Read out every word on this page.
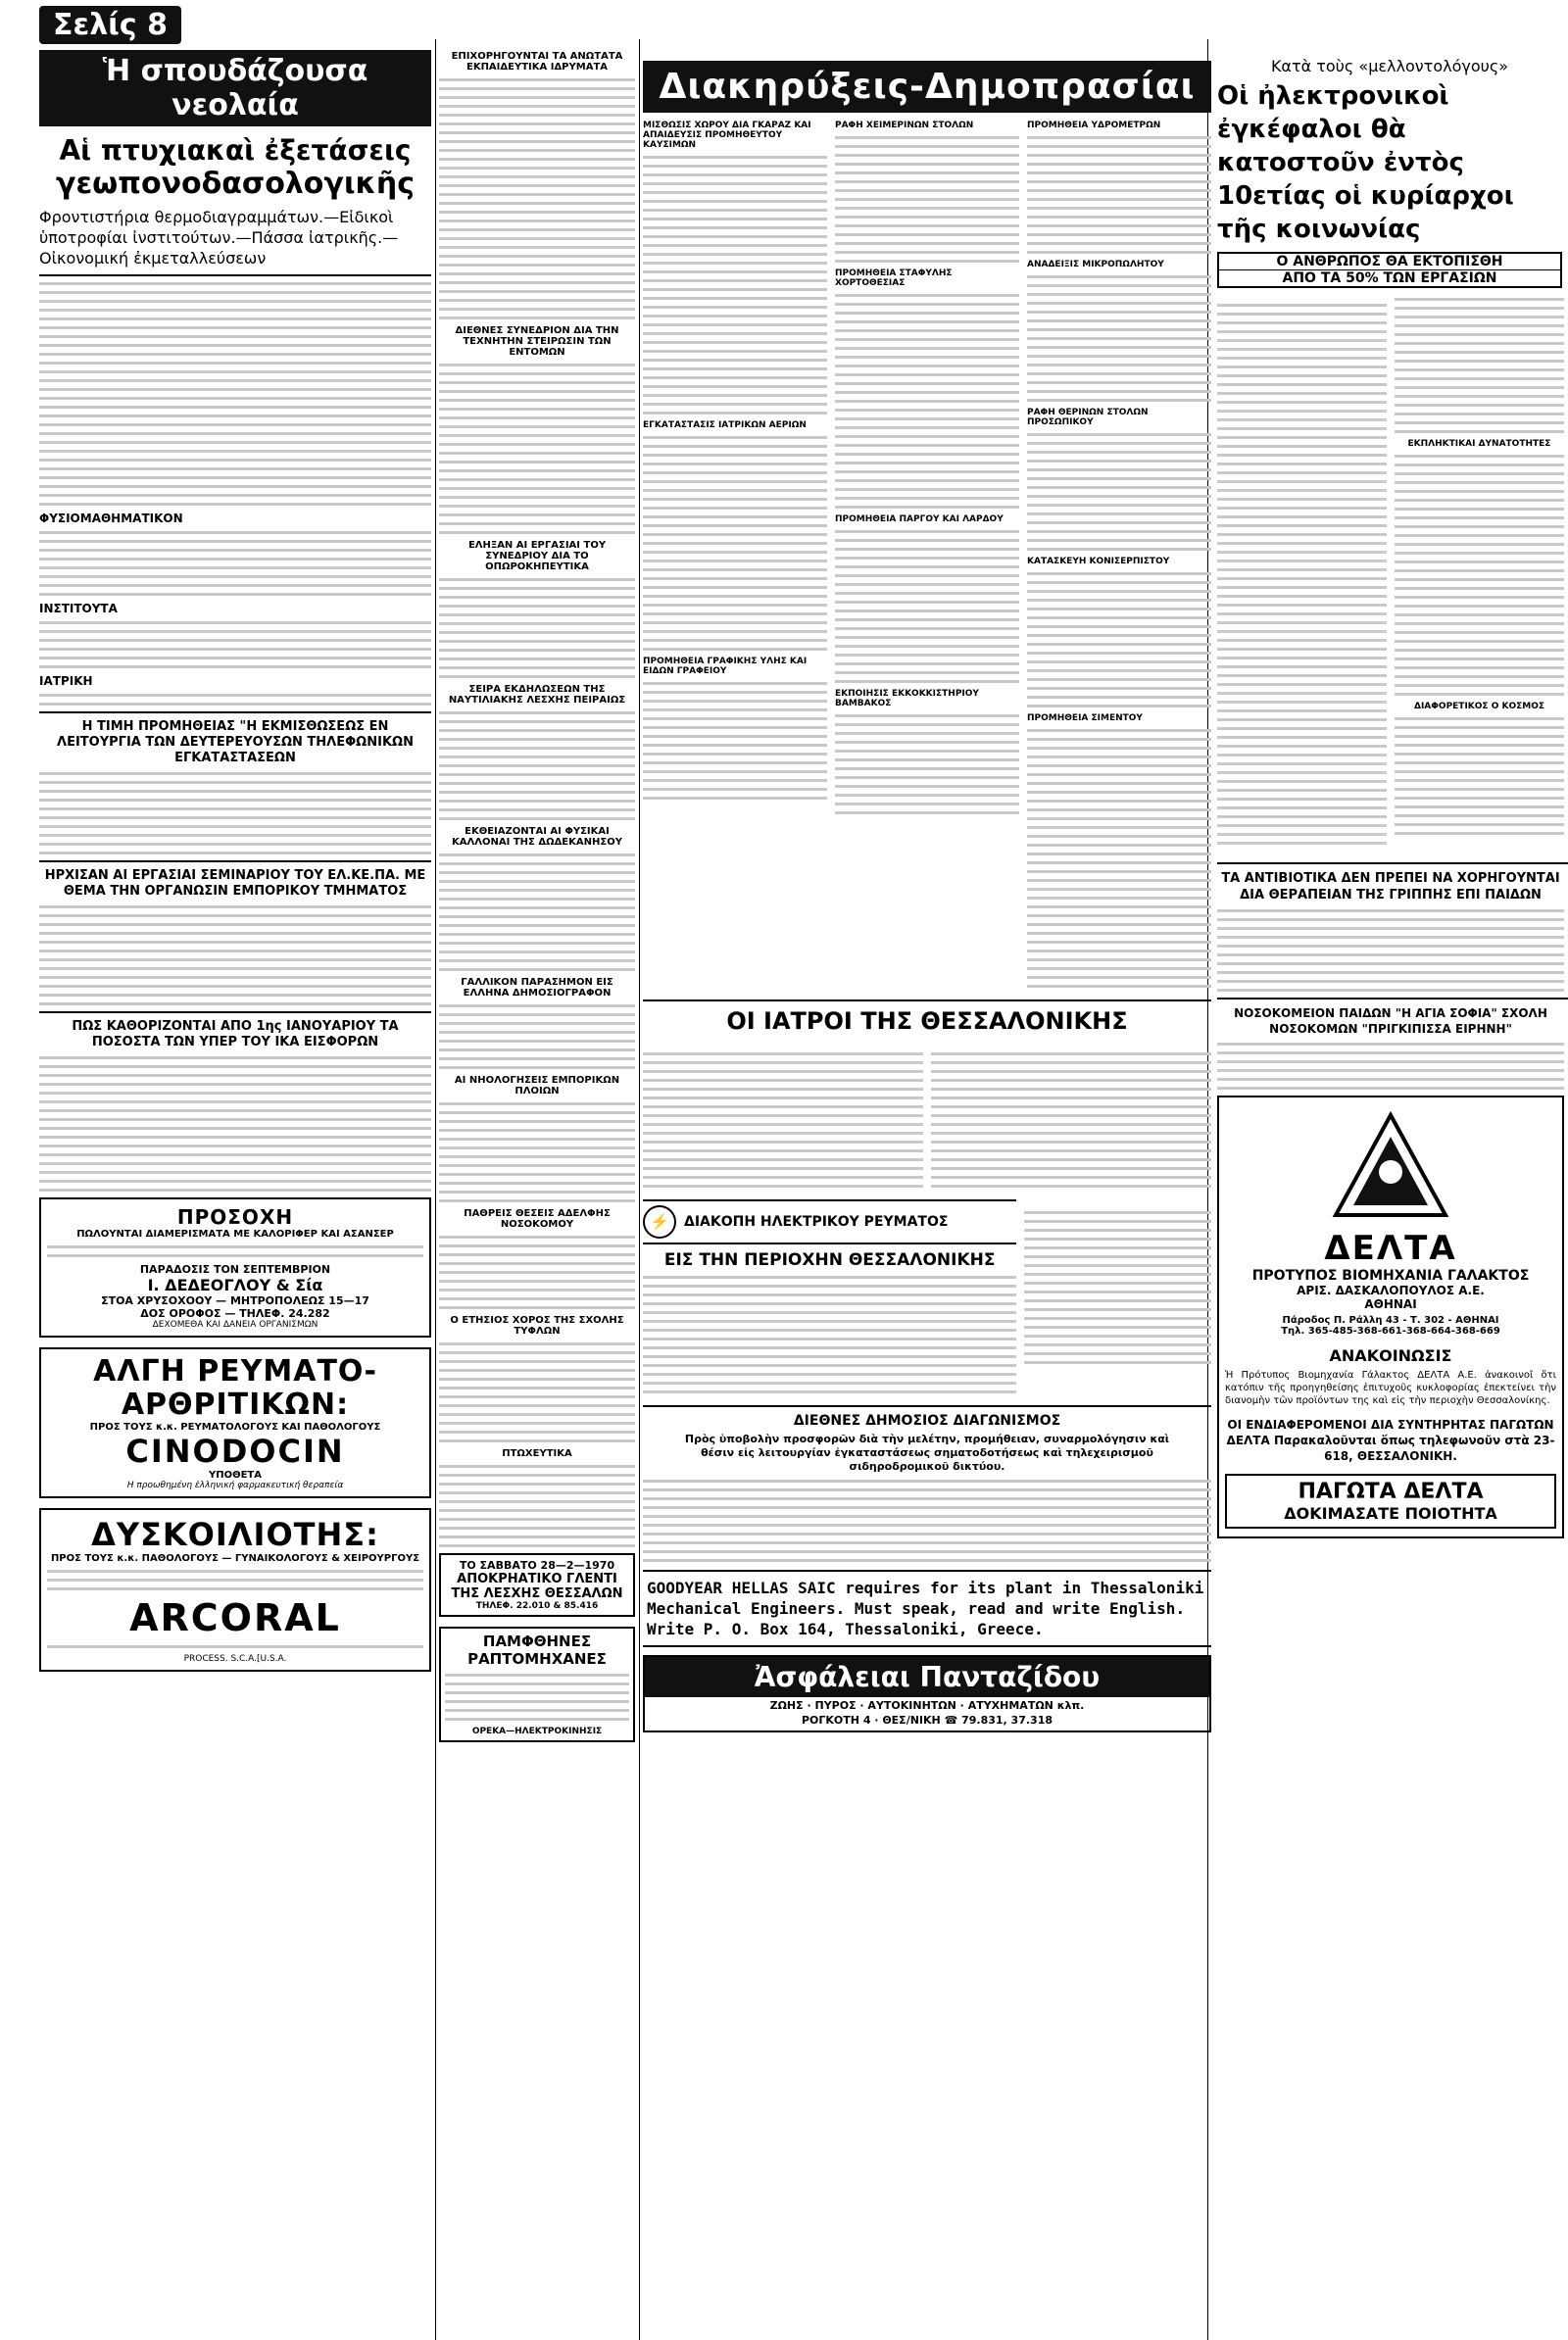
Σελίς 8
Ἡ σπουδάζουσα νεολαία
Αἱ πτυχιακαὶ ἐξετάσεις
γεωπονοδασολογικῆς
Φροντιστήρια θερμοδιαγραμμάτων.—Εἰδικοὶ ὑποτροφίαι ἰνστιτούτων.—Πάσσα ἰατρικῆς.—Οἰκονομική ἐκμεταλλεύσεων
ΦΥΣΙΟΜΑΘΗΜΑΤΙΚΟΝ
ΙΝΣΤΙΤΟΥΤΑ
ΙΑΤΡΙΚΗ
Η ΤΙΜΗ ΠΡΟΜΗΘΕΙΑΣ "Η ΕΚΜΙΣΘΩΣΕΩΣ ΕΝ ΛΕΙΤΟΥΡΓΙΑ ΤΩΝ ΔΕΥΤΕΡΕΥΟΥΣΩΝ ΤΗΛΕΦΩΝΙΚΩΝ ΕΓΚΑΤΑΣΤΑΣΕΩΝ
ΗΡΧΙΣΑΝ ΑΙ ΕΡΓΑΣΙΑΙ ΣΕΜΙΝΑΡΙΟΥ ΤΟΥ ΕΛ.ΚΕ.ΠΑ. ΜΕ ΘΕΜΑ ΤΗΝ ΟΡΓΑΝΩΣΙΝ ΕΜΠΟΡΙΚΟΥ ΤΜΗΜΑΤΟΣ
ΠΩΣ ΚΑΘΟΡΙΖΟΝΤΑΙ ΑΠΟ 1ης ΙΑΝΟΥΑΡΙΟΥ ΤΑ ΠΟΣΟΣΤΑ ΤΩΝ ΥΠΕΡ ΤΟΥ ΙΚΑ ΕΙΣΦΟΡΩΝ
ΠΡΟΣΟΧΗ
ΠΩΛΟΥΝΤΑΙ ΔΙΑΜΕΡΙΣΜΑΤΑ ΜΕ ΚΑΛΟΡΙΦΕΡ ΚΑΙ ΑΣΑΝΣΕΡ
ΠΑΡΑΔΟΣΙΣ ΤΟΝ ΣΕΠΤΕΜΒΡΙΟΝ
Ι. ΔΕΔΕΟΓΛΟΥ & Σία
ΣΤΟΑ ΧΡΥΣΟΧΟΟΥ — ΜΗΤΡΟΠΟΛΕΩΣ 15—17
ΔΟΣ ΟΡΟΦΟΣ — ΤΗΛΕΦ. 24.282
ΔΕΧΟΜΕΘΑ ΚΑΙ ΔΑΝΕΙΑ ΟΡΓΑΝΙΣΜΩΝ
ΑΛΓΗ ΡΕΥΜΑΤΟ-ΑΡΘΡΙΤΙΚΩΝ:
ΠΡΟΣ ΤΟΥΣ κ.κ. ΡΕΥΜΑΤΟΛΟΓΟΥΣ ΚΑΙ ΠΑΘΟΛΟΓΟΥΣ
CINODOCIN
ΥΠΟΘΕΤΑ
Η προωθημένη ἑλληνική φαρμακευτική θεραπεία
ΔΥΣΚΟΙΛΙΟΤΗΣ:
ΠΡΟΣ ΤΟΥΣ κ.κ. ΠΑΘΟΛΟΓΟΥΣ — ΓΥΝΑΙΚΟΛΟΓΟΥΣ & ΧΕΙΡΟΥΡΓΟΥΣ
ARCORAL
PROCESS. S.C.A.[U.S.A.
ΕΠΙΧΟΡΗΓΟΥΝΤΑΙ ΤΑ ΑΝΩΤΑΤΑ ΕΚΠΑΙΔΕΥΤΙΚΑ ΙΔΡΥΜΑΤΑ
ΔΙΕΘΝΕΣ ΣΥΝΕΔΡΙΟΝ ΔΙΑ ΤΗΝ ΤΕΧΝΗΤΗΝ ΣΤΕΙΡΩΣΙΝ ΤΩΝ ΕΝΤΟΜΩΝ
ΕΛΗΞΑΝ ΑΙ ΕΡΓΑΣΙΑΙ ΤΟΥ ΣΥΝΕΔΡΙΟΥ ΔΙΑ ΤΟ ΟΠΩΡΟΚΗΠΕΥΤΙΚΑ
ΣΕΙΡΑ ΕΚΔΗΛΩΣΕΩΝ ΤΗΣ ΝΑΥΤΙΛΙΑΚΗΣ ΛΕΣΧΗΣ ΠΕΙΡΑΙΩΣ
ΕΚΘΕΙΑΖΟΝΤΑΙ ΑΙ ΦΥΣΙΚΑΙ ΚΑΛΛΟΝΑΙ ΤΗΣ ΔΩΔΕΚΑΝΗΣΟΥ
ΓΑΛΛΙΚΟΝ ΠΑΡΑΣΗΜΟΝ ΕΙΣ ΕΛΛΗΝΑ ΔΗΜΟΣΙΟΓΡΑΦΟΝ
ΑΙ ΝΗΟΛΟΓΗΣΕΙΣ ΕΜΠΟΡΙΚΩΝ ΠΛΟΙΩΝ
ΠΑΘΡΕΙΣ ΘΕΣΕΙΣ ΑΔΕΛΦΗΣ ΝΟΣΟΚΟΜΟΥ
Ο ΕΤΗΣΙΟΣ ΧΟΡΟΣ ΤΗΣ ΣΧΟΛΗΣ ΤΥΦΛΩΝ
ΠΤΩΧΕΥΤΙΚΑ
ΤΟ ΣΑΒΒΑΤΟ 28—2—1970
ΑΠΟΚΡΗΑΤΙΚΟ ΓΛΕΝΤΙ ΤΗΣ ΛΕΣΧΗΣ ΘΕΣΣΑΛΩΝ
ΤΗΛΕΦ. 22.010 & 85.416
ΠΑΜΦΘΗΝΕΣ ΡΑΠΤΟΜΗΧΑΝΕΣ
ΟΡΕΚΑ—ΗΛΕΚΤΡΟΚΙΝΗΣΙΣ
Διακηρύξεις-Δημοπρασίαι
ΜΙΣΘΩΣΙΣ ΧΩΡΟΥ ΔΙΑ ΓΚΑΡΑΖ ΚΑΙ ΑΠΑΙΔΕΥΣΙΣ ΠΡΟΜΗΘΕΥΤΟΥ ΚΑΥΣΙΜΩΝ
ΕΓΚΑΤΑΣΤΑΣΙΣ ΙΑΤΡΙΚΩΝ ΑΕΡΙΩΝ
ΠΡΟΜΗΘΕΙΑ ΓΡΑΦΙΚΗΣ ΥΛΗΣ ΚΑΙ ΕΙΔΩΝ ΓΡΑΦΕΙΟΥ
ΡΑΦΗ ΧΕΙΜΕΡΙΝΩΝ ΣΤΟΛΩΝ
ΠΡΟΜΗΘΕΙΑ ΣΤΑΦΥΛΗΣ ΧΟΡΤΟΘΕΣΙΑΣ
ΠΡΟΜΗΘΕΙΑ ΠΑΡΓΟΥ ΚΑΙ ΛΑΡΔΟΥ
ΕΚΠΟΙΗΣΙΣ ΕΚΚΟΚΚΙΣΤΗΡΙΟΥ ΒΑΜΒΑΚΟΣ
ΠΡΟΜΗΘΕΙΑ ΥΔΡΟΜΕΤΡΩΝ
ΑΝΑΔΕΙΞΙΣ ΜΙΚΡΟΠΩΛΗΤΟΥ
ΡΑΦΗ ΘΕΡΙΝΩΝ ΣΤΟΛΩΝ ΠΡΟΣΩΠΙΚΟΥ
ΚΑΤΑΣΚΕΥΗ ΚΟΝΙΣΕΡΠΙΣΤΟΥ
ΠΡΟΜΗΘΕΙΑ ΣΙΜΕΝΤΟΥ
ΟΙ ΙΑΤΡΟΙ ΤΗΣ ΘΕΣΣΑΛΟΝΙΚΗΣ
⚡	ΔΙΑΚΟΠΗ ΗΛΕΚΤΡΙΚΟΥ ΡΕΥΜΑΤΟΣ
ΕΙΣ ΤΗΝ ΠΕΡΙΟΧΗΝ ΘΕΣΣΑΛΟΝΙΚΗΣ
ΔΙΕΘΝΕΣ ΔΗΜΟΣΙΟΣ ΔΙΑΓΩΝΙΣΜΟΣ
Πρὸς ὑποβολὴν προσφορῶν διὰ τὴν μελέτην, προμήθειαν, συναρμολόγησιν καὶ θέσιν εἰς λειτουργίαν ἐγκαταστάσεως σηματοδοτήσεως καὶ τηλεχειρισμοῦ σιδηροδρομικοῦ δικτύου.
GOODYEAR HELLAS SAIC requires for its plant in Thessaloniki Mechanical Engineers. Must speak, read and write English. Write P. O. Box 164, Thessaloniki, Greece.
Ἀσφάλειαι Πανταζίδου
ΖΩΗΣ · ΠΥΡΟΣ · ΑΥΤΟΚΙΝΗΤΩΝ · ΑΤΥΧΗΜΑΤΩΝ κλπ.
ΡΟΓΚΟΤΗ 4 · ΘΕΣ/ΝΙΚΗ ☎ 79.831, 37.318
Κατὰ τοὺς «μελλοντολόγους»
Οἱ ἠλεκτρονικοὶ ἐγκέφαλοι θὰ κατοστοῦν ἐντὸς 10ετίας οἱ κυρίαρχοι τῆς κοινωνίας
Ο ΑΝΘΡΩΠΟΣ ΘΑ ΕΚΤΟΠΙΣΘΗ
ΑΠΟ ΤΑ 50% ΤΩΝ ΕΡΓΑΣΙΩΝ
ΕΚΠΛΗΚΤΙΚΑΙ ΔΥΝΑΤΟΤΗΤΕΣ
ΔΙΑΦΟΡΕΤΙΚΟΣ Ο ΚΟΣΜΟΣ
ΤΑ ΑΝΤΙΒΙΟΤΙΚΑ ΔΕΝ ΠΡΕΠΕΙ ΝΑ ΧΟΡΗΓΟΥΝΤΑΙ ΔΙΑ ΘΕΡΑΠΕΙΑΝ ΤΗΣ ΓΡΙΠΠΗΣ ΕΠΙ ΠΑΙΔΩΝ
ΝΟΣΟΚΟΜΕΙΟΝ ΠΑΙΔΩΝ "Η ΑΓΙΑ ΣΟΦΙΑ" ΣΧΟΛΗ ΝΟΣΟΚΟΜΩΝ "ΠΡΙΓΚΙΠΙΣΣΑ ΕΙΡΗΝΗ"
ΔΕΛΤΑ
ΠΡΟΤΥΠΟΣ ΒΙΟΜΗΧΑΝΙΑ ΓΑΛΑΚΤΟΣ
ΑΡΙΣ. ΔΑΣΚΑΛΟΠΟΥΛΟΣ Α.Ε.
ΑΘΗΝΑΙ
Πάροδος Π. Ράλλη 43 - Τ. 302 - ΑΘΗΝΑΙ
Τηλ. 365-485-368-661-368-664-368-669
ΑΝΑΚΟΙΝΩΣΙΣ
Ἡ Πρότυπος Βιομηχανία Γάλακτος ΔΕΛΤΑ Α.Ε. ἀνακοινοῖ ὅτι κατόπιν τῆς προηγηθείσης ἐπιτυχοῦς κυκλοφορίας ἐπεκτείνει τὴν διανομὴν τῶν προϊόντων της καὶ εἰς τὴν περιοχὴν Θεσσαλονίκης.
ΟΙ ΕΝΔΙΑΦΕΡΟΜΕΝΟΙ ΔΙΑ ΣΥΝΤΗΡΗΤΑΣ ΠΑΓΩΤΩΝ ΔΕΛΤΑ Παρακαλοῦνται ὅπως τηλεφωνοῦν στὰ 23-618, ΘΕΣΣΑΛΟΝΙΚΗ.
ΠΑΓΩΤΑ ΔΕΛΤΑ
ΔΟΚΙΜΑΣΑΤΕ ΠΟΙΟΤΗΤΑ
